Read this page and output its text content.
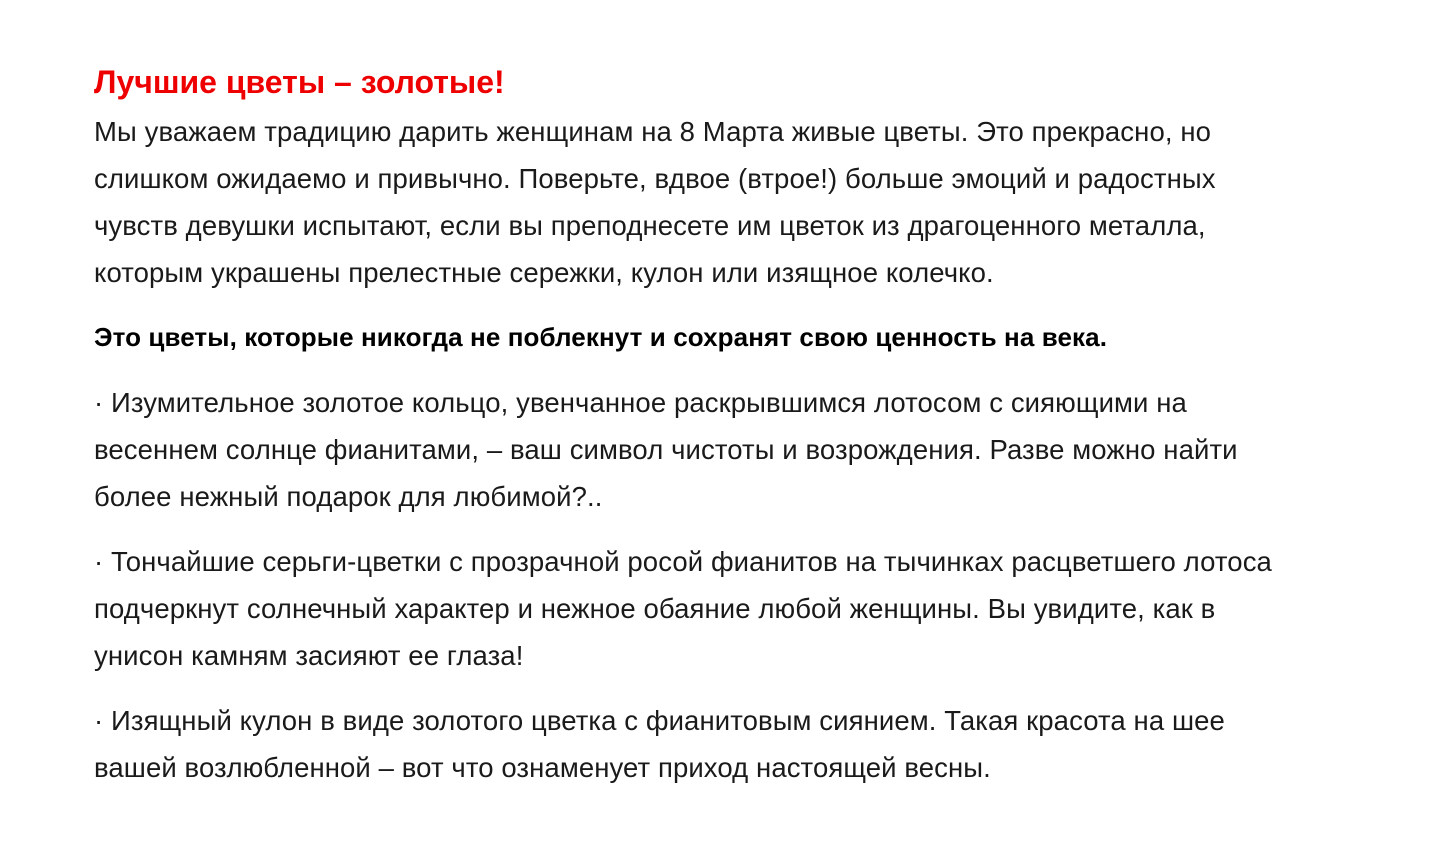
Лучшие цветы – золотые!

Мы уважаем традицию дарить женщинам на 8 Марта живые цветы. Это прекрасно, но
слишком ожидаемо и привычно. Поверьте, вдвое (втрое!) больше эмоций и радостных
чувств девушки испытают, если вы преподнесете им цветок из драгоценного металла,
которым украшены прелестные сережки, кулон или изящное колечко.

Это цветы, которые никогда не поблекнут и сохранят свою ценность на века.

· Изумительное золотое кольцо, увенчанное раскрывшимся лотосом с сияющими на
весеннем солнце фианитами, – ваш символ чистоты и возрождения. Разве можно найти
более нежный подарок для любимой?..

· Тончайшие серьги-цветки с прозрачной росой фианитов на тычинках расцветшего лотоса
подчеркнут солнечный характер и нежное обаяние любой женщины. Вы увидите, как в
унисон камням засияют ее глаза!

· Изящный кулон в виде золотого цветка с фианитовым сиянием. Такая красота на шее
вашей возлюбленной – вот что ознаменует приход настоящей весны.
